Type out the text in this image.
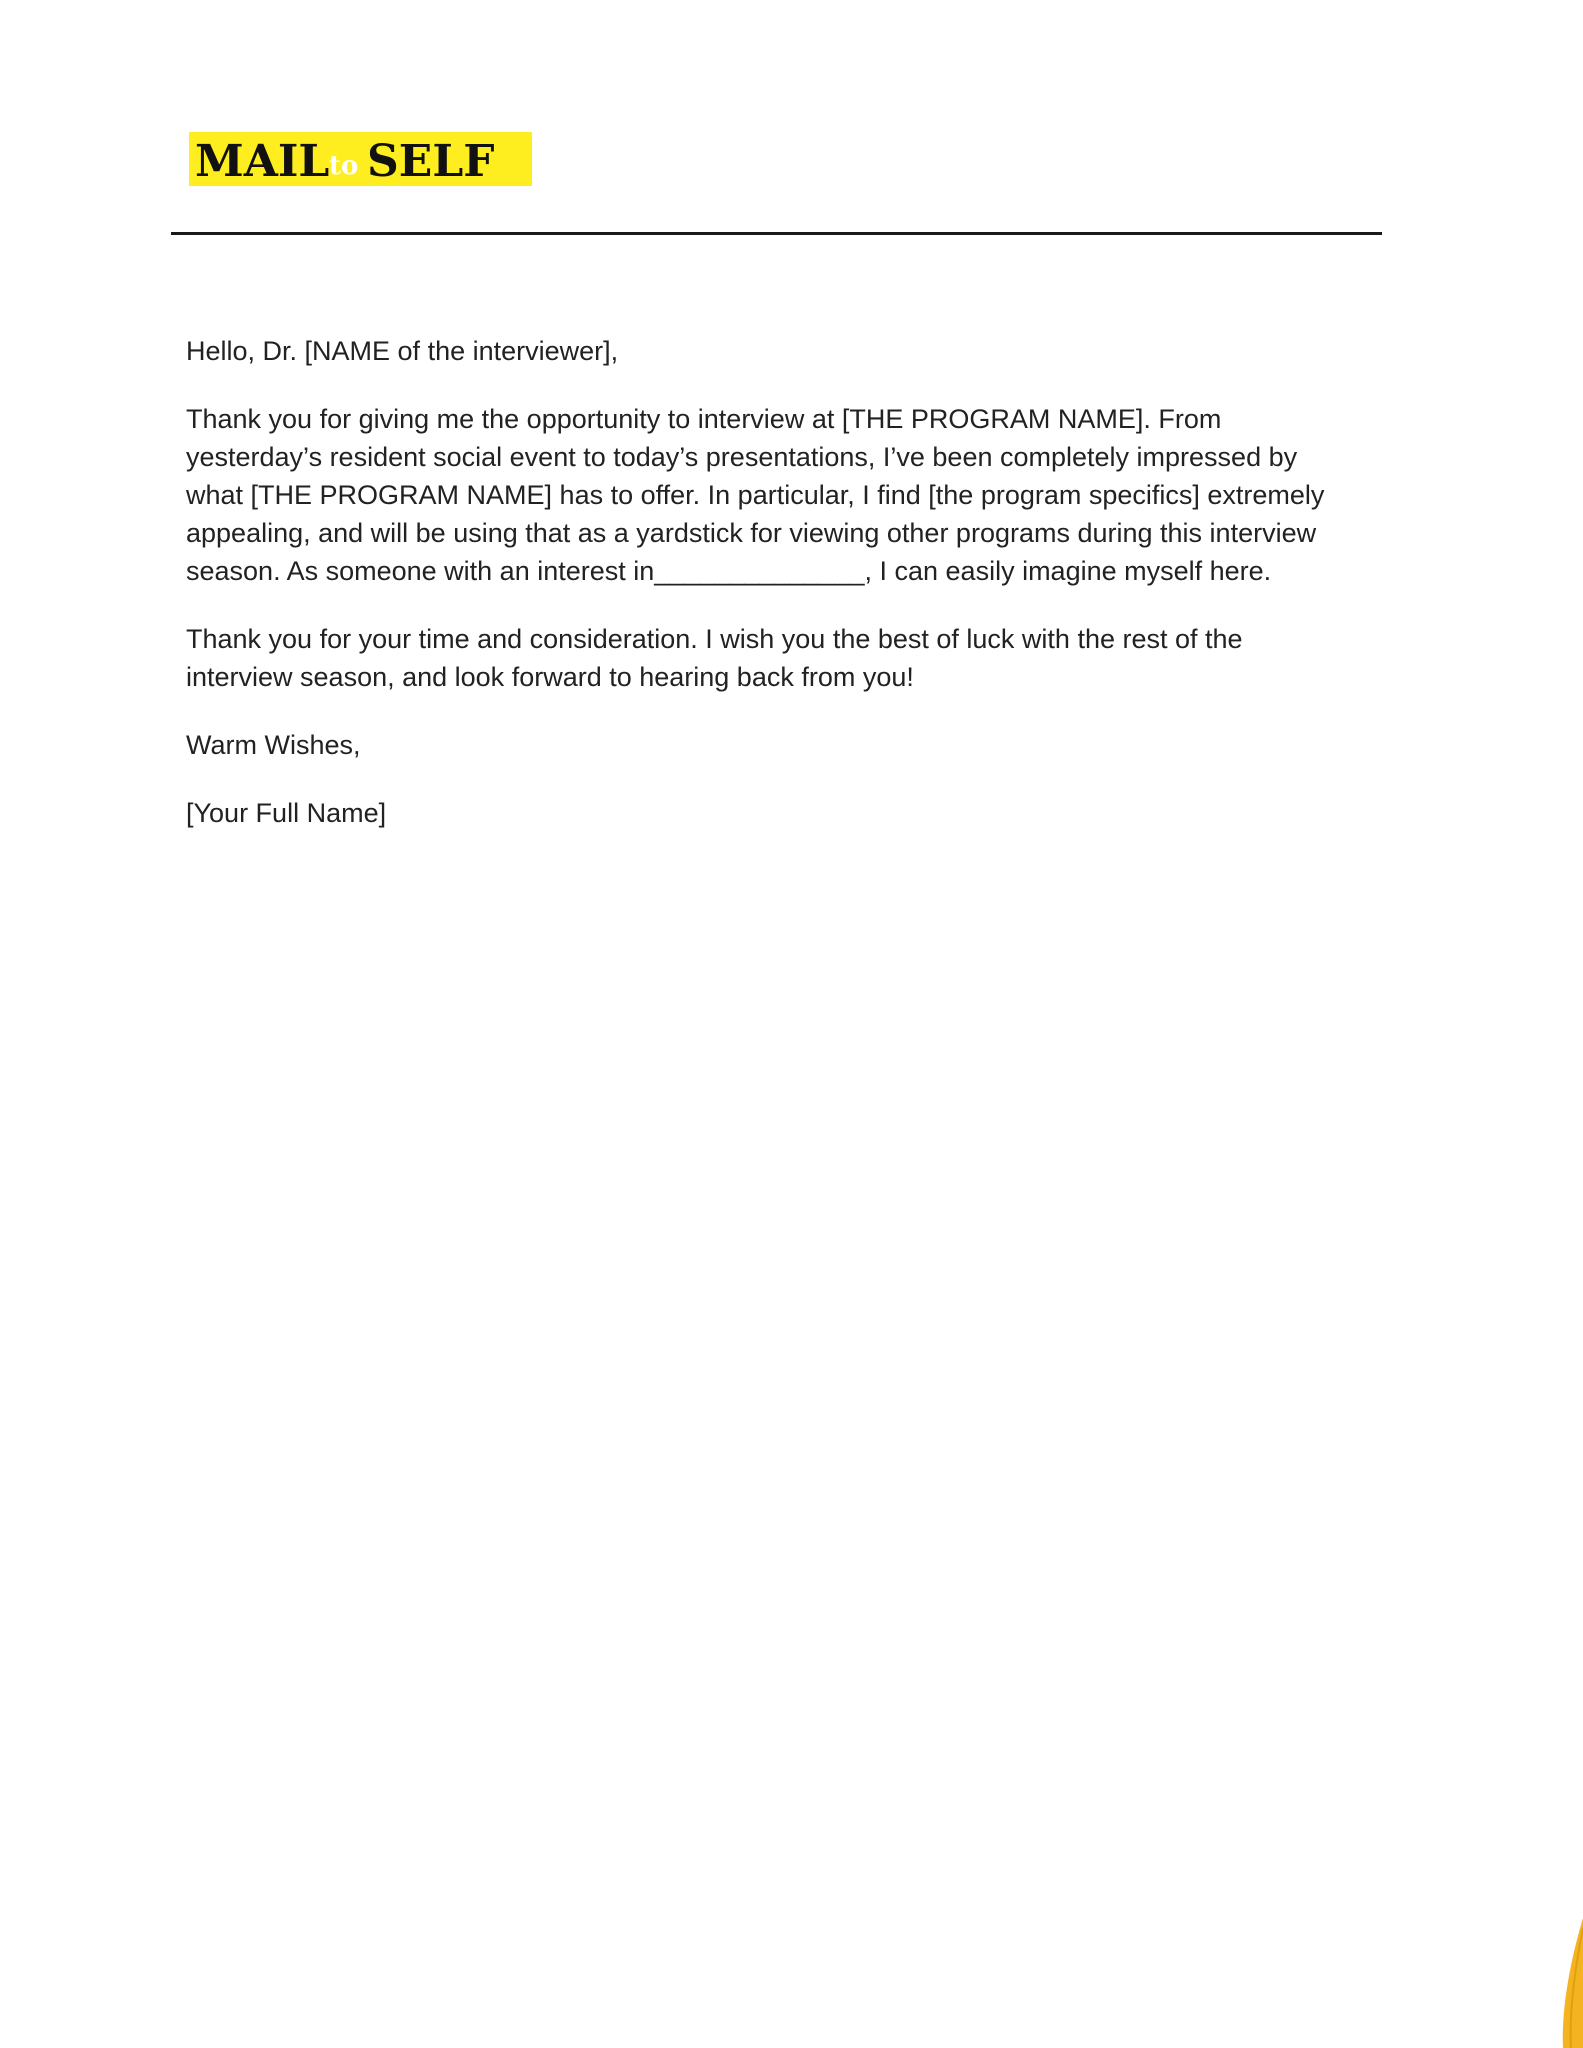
MAIL to SELF

Hello, Dr. [NAME of the interviewer],

Thank you for giving me the opportunity to interview at [THE PROGRAM NAME]. From
yesterday’s resident social event to today’s presentations, I’ve been completely impressed by
what [THE PROGRAM NAME] has to offer. In particular, I find [the program specifics] extremely
appealing, and will be using that as a yardstick for viewing other programs during this interview
season. As someone with an interest in______________, I can easily imagine myself here.

Thank you for your time and consideration. I wish you the best of luck with the rest of the
interview season, and look forward to hearing back from you!

Warm Wishes,

[Your Full Name]
